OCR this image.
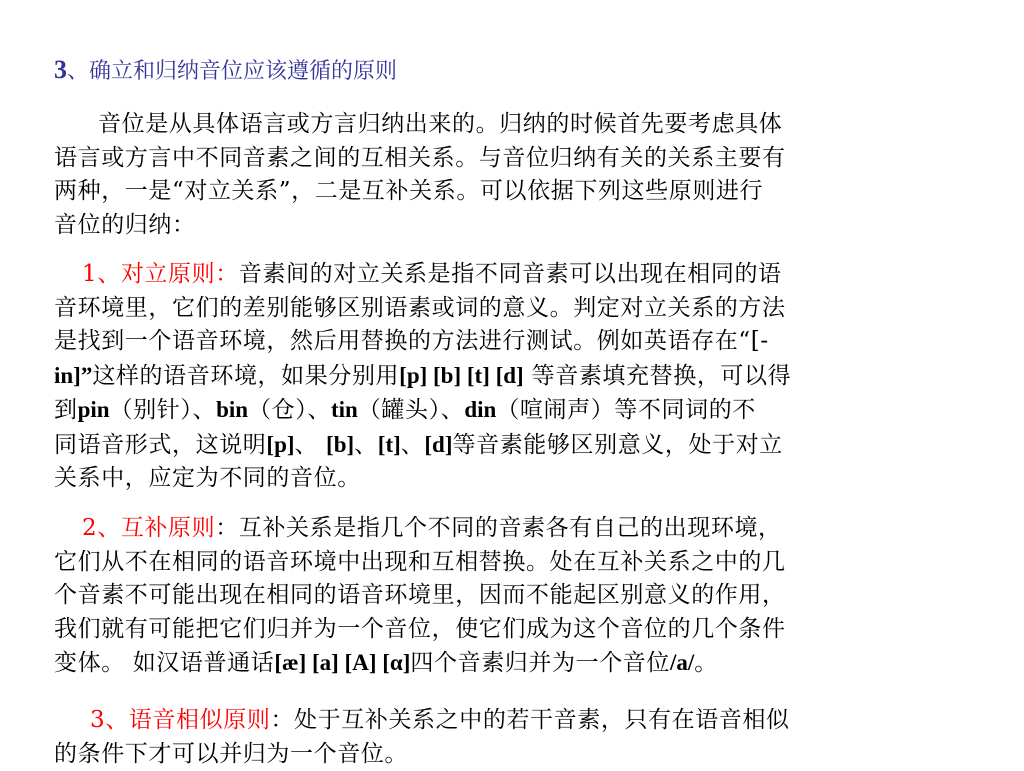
3、确立和归纳音位应该遵循的原则
音位是从具体语言或方言归纳出来的。归纳的时候首先要考虑具体
语言或方言中不同音素之间的互相关系。与音位归纳有关的关系主要有
两种，一是“对立关系”，二是互补关系。可以依据下列这些原则进行
音位的归纳：
1、对立原则：音素间的对立关系是指不同音素可以出现在相同的语
音环境里，它们的差别能够区别语素或词的意义。判定对立关系的方法
是找到一个语音环境，然后用替换的方法进行测试。例如英语存在“[-
in]”这样的语音环境，如果分别用[p] [b] [t] [d] 等音素填充替换，可以得
到pin（别针）、bin（仓）、tin（罐头）、din（喧闹声）等不同词的不
同语音形式，这说明[p]、 [b]、[t]、[d]等音素能够区别意义，处于对立
关系中，应定为不同的音位。
2、互补原则：互补关系是指几个不同的音素各有自己的出现环境，
它们从不在相同的语音环境中出现和互相替换。处在互补关系之中的几
个音素不可能出现在相同的语音环境里，因而不能起区别意义的作用，
我们就有可能把它们归并为一个音位，使它们成为这个音位的几个条件
变体。 如汉语普通话[æ] [a] [A] [α]四个音素归并为一个音位/a/。
3、语音相似原则：处于互补关系之中的若干音素，只有在语音相似
的条件下才可以并归为一个音位。
